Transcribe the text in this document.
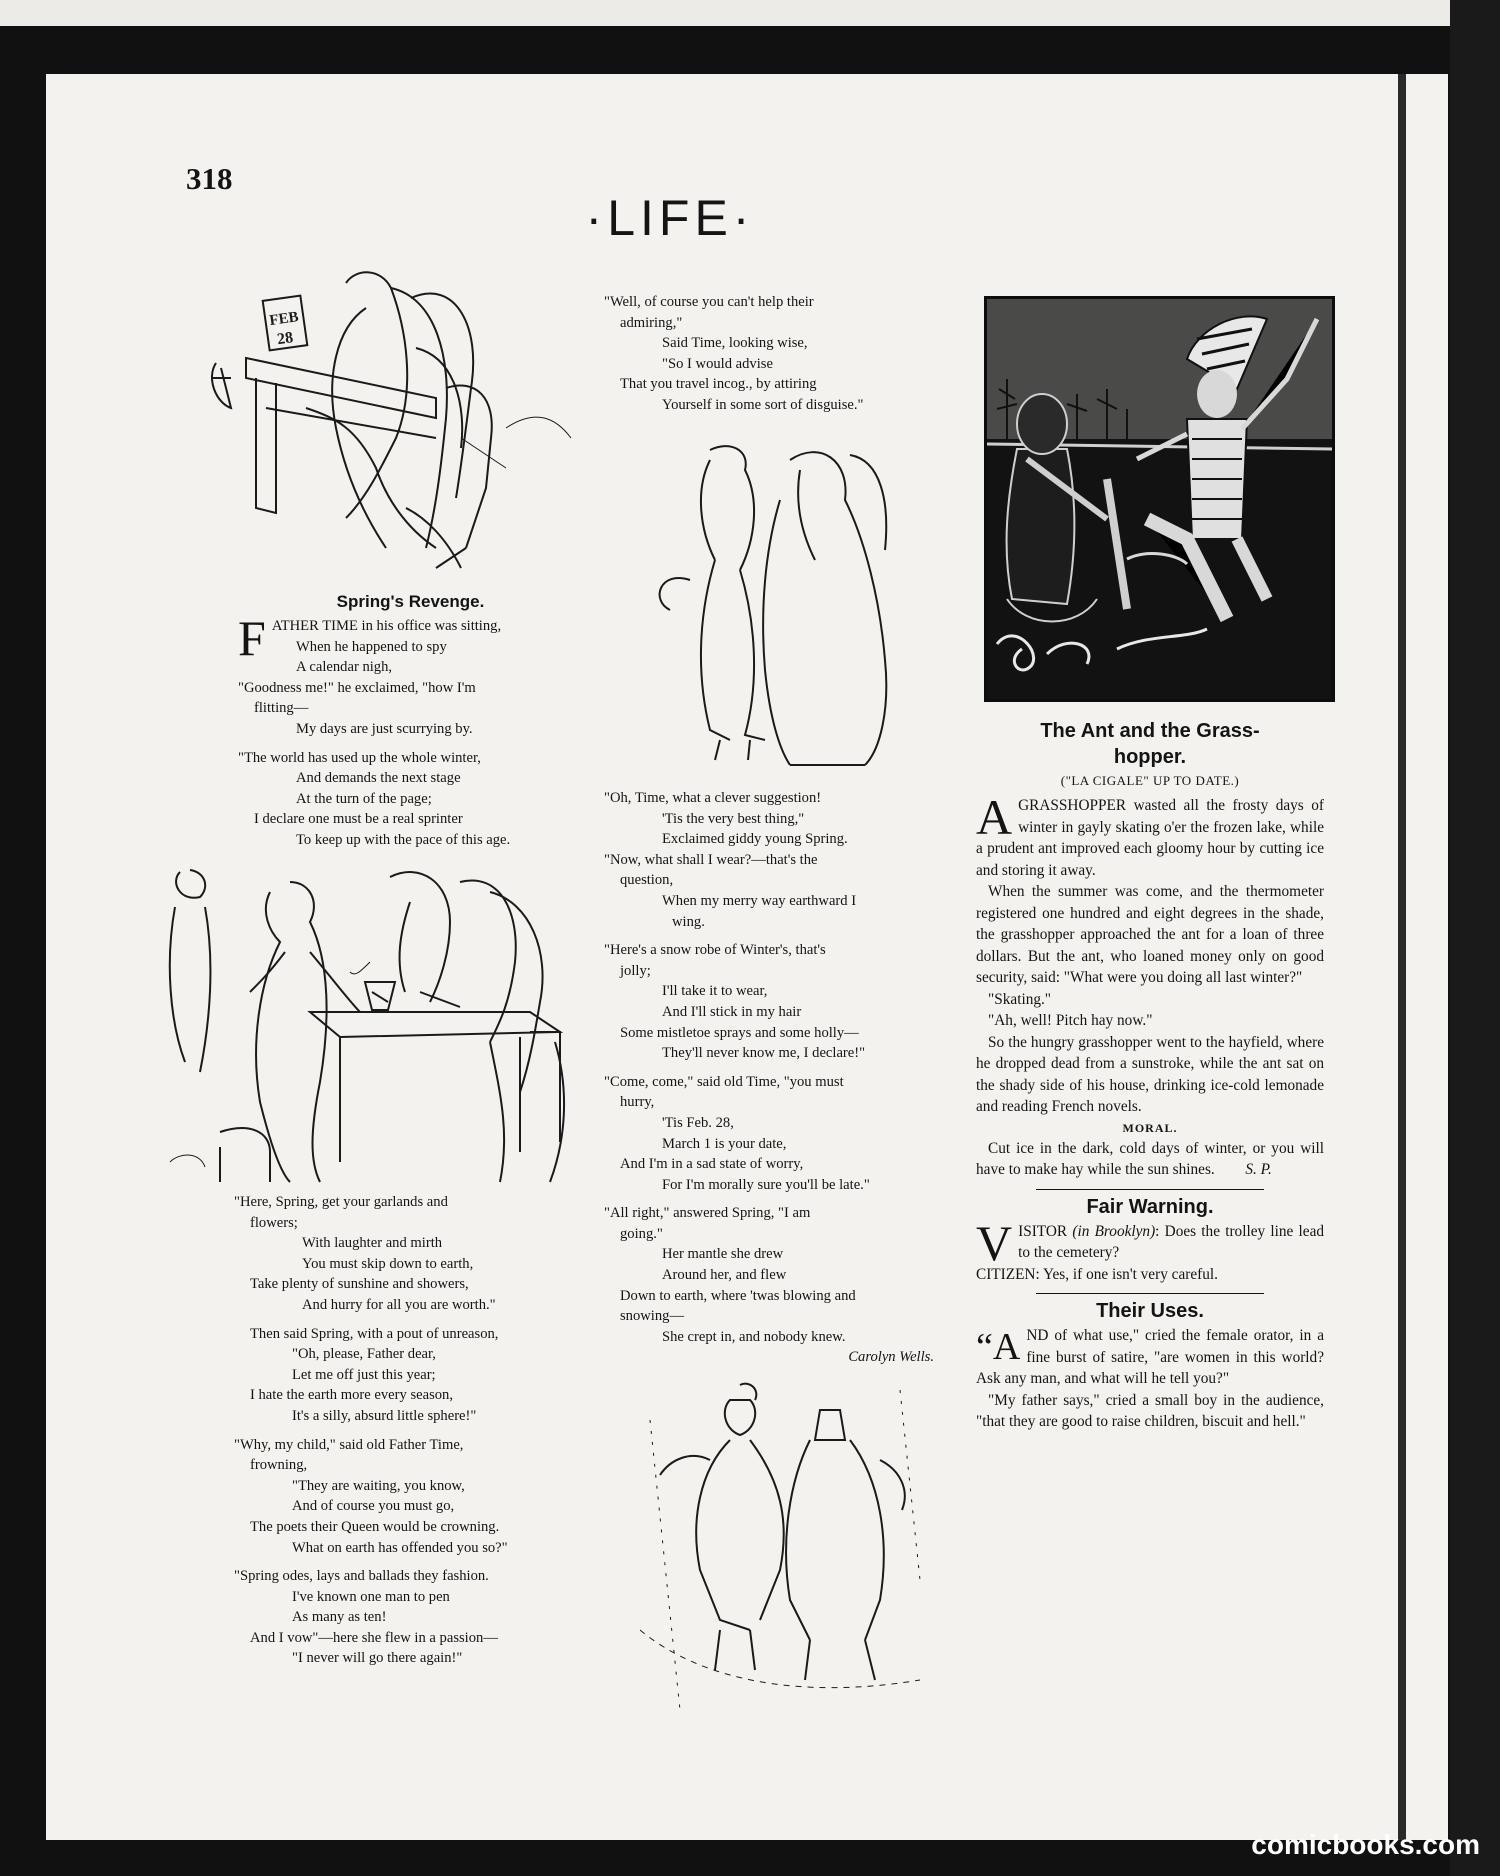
318

·LIFE·
FEB
28
Spring's Revenge.
F ATHER TIME in his office was sitting,

When he happened to spy

A calendar nigh,

"Goodness me!" he exclaimed, "how I'm

flitting—

My days are just scurrying by.

"The world has used up the whole winter,

And demands the next stage

At the turn of the page;

I declare one must be a real sprinter

To keep up with the pace of this age.

"Here, Spring, get your garlands and

flowers;

With laughter and mirth

You must skip down to earth,

Take plenty of sunshine and showers,

And hurry for all you are worth."

Then said Spring, with a pout of unreason,

"Oh, please, Father dear,

Let me off just this year;

I hate the earth more every season,

It's a silly, absurd little sphere!"

"Why, my child," said old Father Time,

frowning,

"They are waiting, you know,

And of course you must go,

The poets their Queen would be crowning.

What on earth has offended you so?"

"Spring odes, lays and ballads they fashion.

I've known one man to pen

As many as ten!

And I vow"—here she flew in a passion—

"I never will go there again!"

"Well, of course you can't help their

admiring,"

Said Time, looking wise,

"So I would advise

That you travel incog., by attiring

Yourself in some sort of disguise."

"Oh, Time, what a clever suggestion!

'Tis the very best thing,"

Exclaimed giddy young Spring.

"Now, what shall I wear?—that's the

question,

When my merry way earthward I

wing.

"Here's a snow robe of Winter's, that's

jolly;

I'll take it to wear,

And I'll stick in my hair

Some mistletoe sprays and some holly—

They'll never know me, I declare!"

"Come, come," said old Time, "you must

hurry,

'Tis Feb. 28,

March 1 is your date,

And I'm in a sad state of worry,

For I'm morally sure you'll be late."

"All right," answered Spring, "I am

going."

Her mantle she drew

Around her, and flew

Down to earth, where 'twas blowing and

snowing—

She crept in, and nobody knew.

Carolyn Wells.

The Ant and the Grass-
hopper.
("LA CIGALE" UP TO DATE.)

AGRASSHOPPER wasted all the frosty days of winter in gayly skating o'er the frozen lake, while a prudent ant improved each gloomy hour by cutting ice and storing it away.

When the summer was come, and the thermometer registered one hundred and eight degrees in the shade, the grasshopper approached the ant for a loan of three dollars. But the ant, who loaned money only on good security, said: "What were you doing all last winter?"

"Skating."

"Ah, well! Pitch hay now."

So the hungry grasshopper went to the hayfield, where he dropped dead from a sunstroke, while the ant sat on the shady side of his house, drinking ice-cold lemonade and reading French novels.

MORAL.

Cut ice in the dark, cold days of winter, or you will have to make hay while the sun shines. S. P.

Fair Warning.

VISITOR (in Brooklyn): Does the trolley line lead to the cemetery?

CITIZEN: Yes, if one isn't very careful.

Their Uses.

“AND of what use," cried the female orator, in a fine burst of satire, "are women in this world? Ask any man, and what will he tell you?"

"My father says," cried a small boy in the audience, "that they are good to raise children, biscuit and hell."

comicbooks.com
